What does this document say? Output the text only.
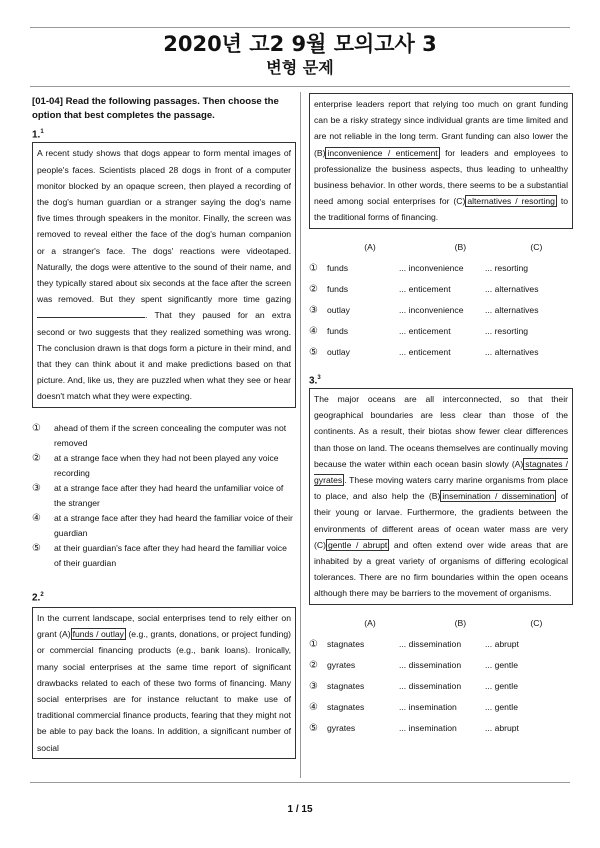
2020년 고2 9월 모의고사 3
변형 문제

[01-04] Read the following passages. Then choose the option that best completes the passage.

1.$^1$

A recent study shows that dogs appear to form mental images of people's faces. Scientists placed 28 dogs in front of a computer monitor blocked by an opaque screen, then played a recording of the dog's human guardian or a stranger saying the dog's name five times through speakers in the monitor. Finally, the screen was removed to reveal either the face of the dog's human companion or a stranger's face. The dogs' reactions were videotaped. Naturally, the dogs were attentive to the sound of their name, and they typically stared about six seconds at the face after the screen was removed. But they spent significantly more time gazing . That they paused for an extra second or two suggests that they realized something was wrong. The conclusion drawn is that dogs form a picture in their mind, and that they can think about it and make predictions based on that picture. And, like us, they are puzzled when what they see or hear doesn't match what they were expecting.
①	ahead of them if the screen concealing the computer was not removed
②	at a strange face when they had not been played any voice recording
③	at a strange face after they had heard the unfamiliar voice of the stranger
④	at a strange face after they had heard the familiar voice of their guardian
⑤	at their guardian's face after they had heard the familiar voice of their guardian

2.$^2$

In the current landscape, social enterprises tend to rely either on grant (A) funds / outlay (e.g., grants, donations, or project funding) or commercial financing products (e.g., bank loans). Ironically, many social enterprises at the same time report of significant drawbacks related to each of these two forms of financing. Many social enterprises are for instance reluctant to make use of traditional commercial finance products, fearing that they might not be able to pay back the loans. In addition, a significant number of social
enterprise leaders report that relying too much on grant funding can be a risky strategy since individual grants are time limited and are not reliable in the long term. Grant funding can also lower the (B) inconvenience / enticement for leaders and employees to professionalize the business aspects, thus leading to unhealthy business behavior. In other words, there seems to be a substantial need among social enterprises for (C) alternatives / resorting to the traditional forms of financing.
(A)	(B)	(C)
①	funds	... inconvenience	... resorting
②	funds	... enticement	... alternatives
③	outlay	... inconvenience	... alternatives
④	funds	... enticement	... resorting
⑤	outlay	... enticement	... alternatives

3.$^3$

The major oceans are all interconnected, so that their geographical boundaries are less clear than those of the continents. As a result, their biotas show fewer clear differences than those on land. The oceans themselves are continually moving because the water within each ocean basin slowly (A) stagnates / gyrates . These moving waters carry marine organisms from place to place, and also help the (B) insemination / dissemination of their young or larvae. Furthermore, the gradients between the environments of different areas of ocean water mass are very (C) gentle / abrupt and often extend over wide areas that are inhabited by a great variety of organisms of differing ecological tolerances. There are no firm boundaries within the open oceans although there may be barriers to the movement of organisms.
(A)	(B)	(C)
①	stagnates	... dissemination	... abrupt
②	gyrates	... dissemination	... gentle
③	stagnates	... dissemination	... gentle
④	stagnates	... insemination	... gentle
⑤	gyrates	... insemination	... abrupt
1 / 15
